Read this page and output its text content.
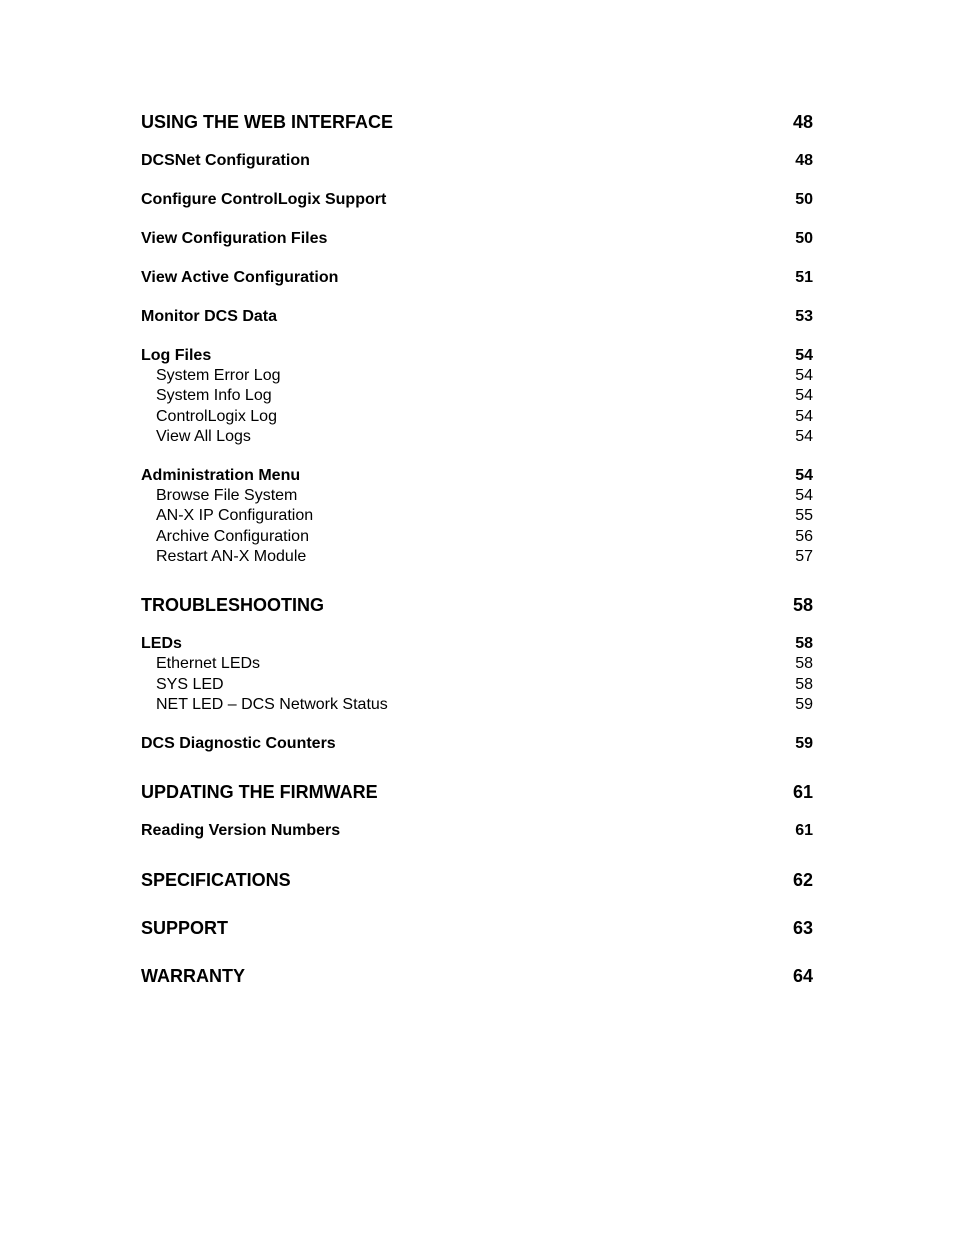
USING THE WEB INTERFACE	48
DCSNet Configuration	48
Configure ControlLogix Support	50
View Configuration Files	50
View Active Configuration	51
Monitor DCS Data	53
Log Files	54
System Error Log	54
System Info Log	54
ControlLogix Log	54
View All Logs	54
Administration Menu	54
Browse File System	54
AN-X IP Configuration	55
Archive Configuration	56
Restart AN-X Module	57
TROUBLESHOOTING	58
LEDs	58
Ethernet LEDs	58
SYS LED	58
NET LED – DCS Network Status	59
DCS Diagnostic Counters	59
UPDATING THE FIRMWARE	61
Reading Version Numbers	61
SPECIFICATIONS	62
SUPPORT	63
WARRANTY	64
